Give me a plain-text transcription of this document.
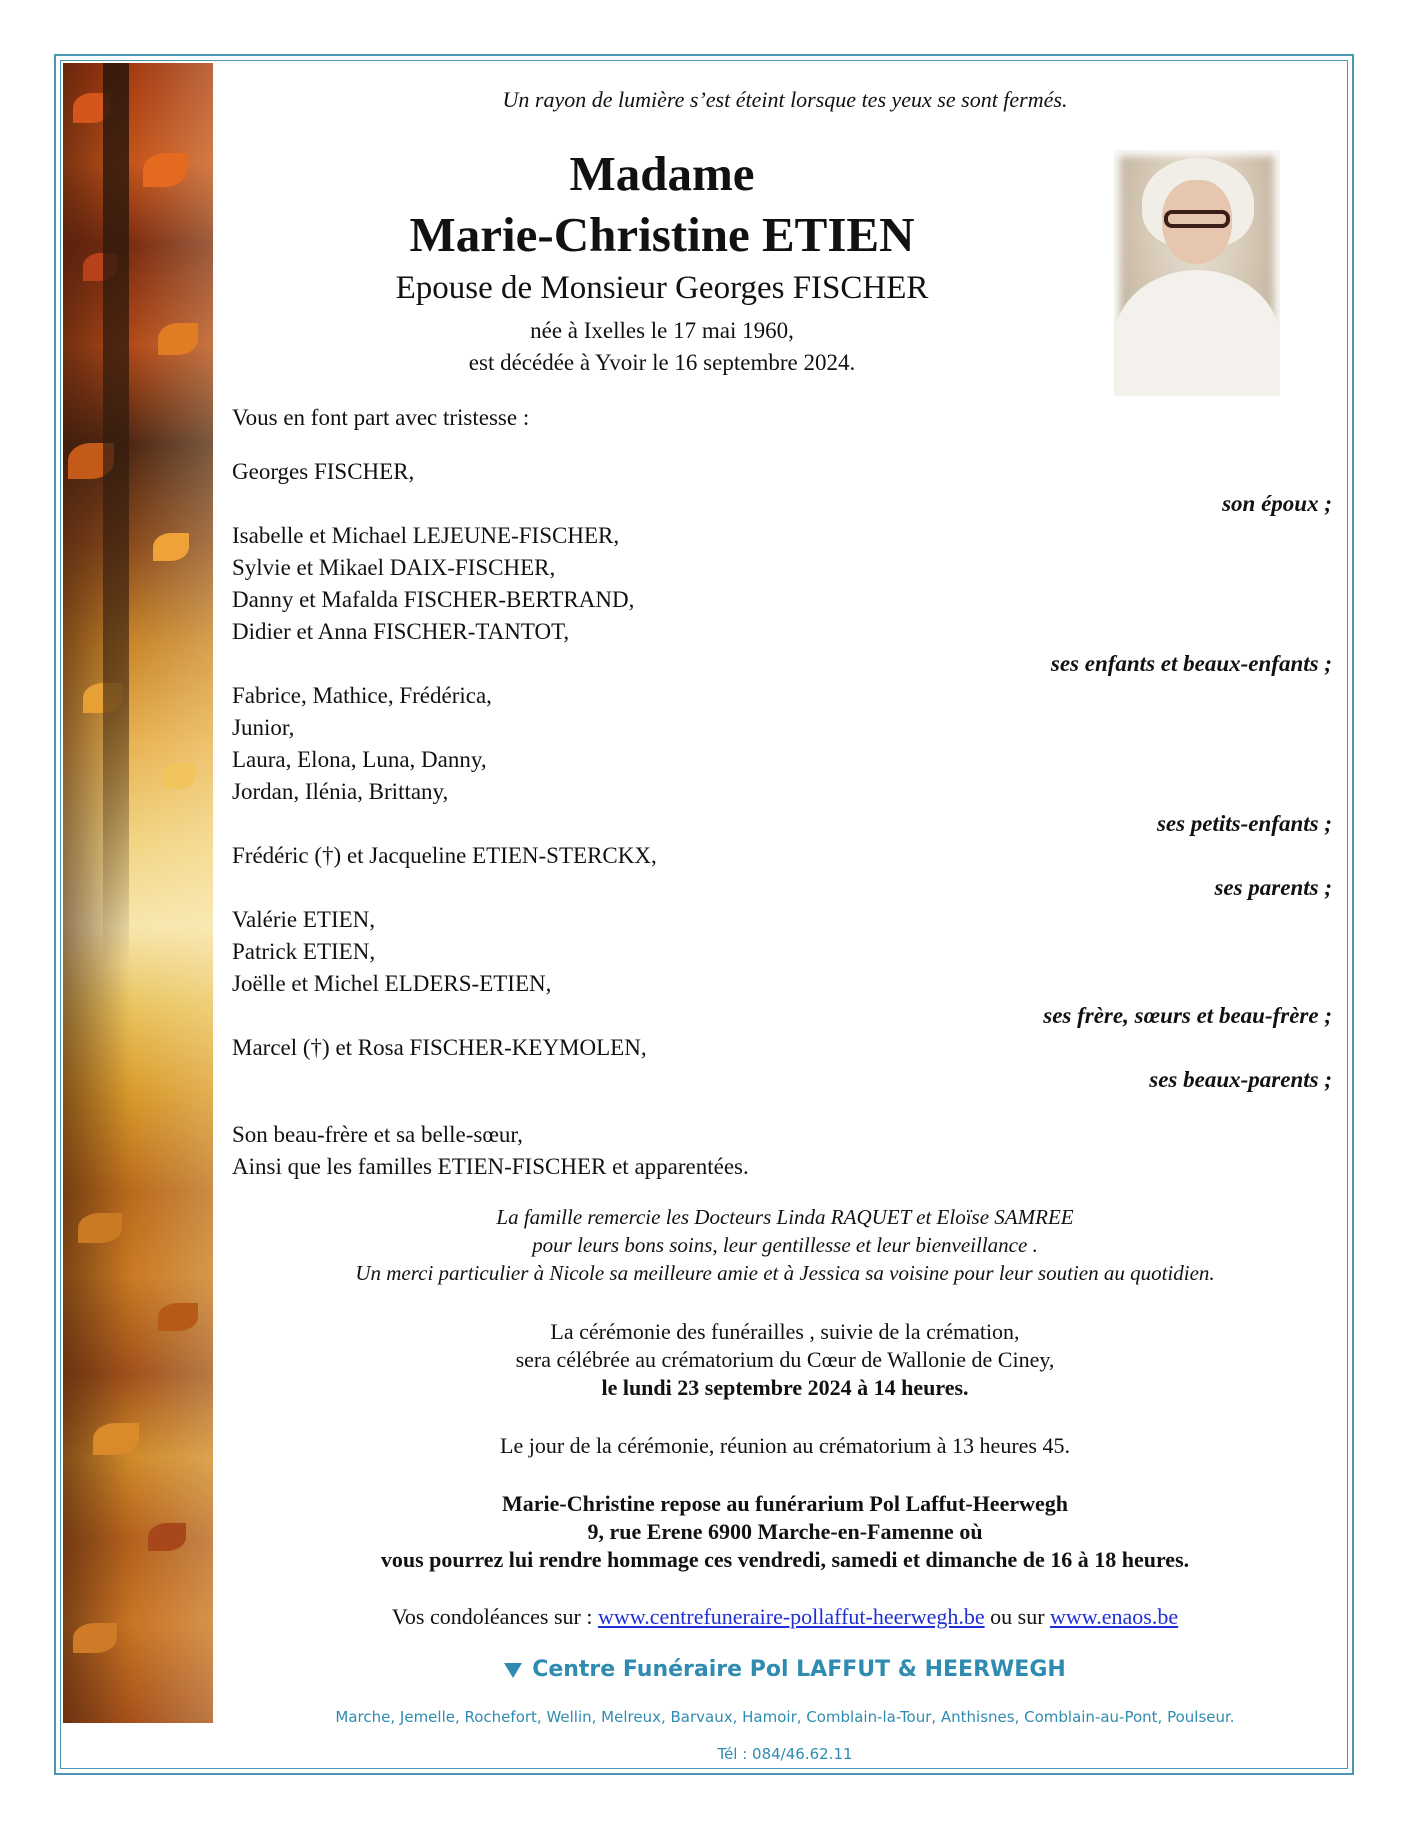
Un rayon de lumière s’est éteint lorsque tes yeux se sont fermés.
Madame
Marie-Christine ETIEN
Epouse de Monsieur Georges FISCHER
née à Ixelles le 17 mai 1960,
est décédée à Yvoir le 16 septembre 2024.
Vous en font part avec tristesse :
Georges FISCHER,
son époux ;
Isabelle et Michael LEJEUNE-FISCHER,
Sylvie et Mikael DAIX-FISCHER,
Danny et Mafalda FISCHER-BERTRAND,
Didier et Anna FISCHER-TANTOT,
ses enfants et beaux-enfants ;
Fabrice, Mathice, Frédérica,
Junior,
Laura, Elona, Luna, Danny,
Jordan, Ilénia, Brittany,
ses petits-enfants ;
Frédéric (†) et Jacqueline ETIEN-STERCKX,
ses parents ;
Valérie ETIEN,
Patrick ETIEN,
Joëlle et Michel ELDERS-ETIEN,
ses frère, sœurs et beau-frère ;
Marcel (†) et Rosa FISCHER-KEYMOLEN,
ses beaux-parents ;
Son beau-frère et sa belle-sœur,
Ainsi que les familles ETIEN-FISCHER et apparentées.
La famille remercie les Docteurs Linda RAQUET et Eloïse SAMREE
pour leurs bons soins, leur gentillesse et leur bienveillance .
Un merci particulier à Nicole sa meilleure amie et à Jessica sa voisine pour leur soutien au quotidien.
La cérémonie des funérailles , suivie de la crémation,
sera célébrée au crématorium du Cœur de Wallonie de Ciney,
le lundi 23 septembre 2024 à 14 heures.
Le jour de la cérémonie, réunion au crématorium à 13 heures 45.
Marie-Christine repose au funérarium Pol Laffut-Heerwegh
9, rue Erene 6900 Marche-en-Famenne où
vous pourrez lui rendre hommage ces vendredi, samedi et dimanche de 16 à 18 heures.
Vos condoléances sur : www.centrefuneraire-pollaffut-heerwegh.be ou sur www.enaos.be
Centre Funéraire Pol LAFFUT & HEERWEGH
Marche, Jemelle, Rochefort, Wellin, Melreux, Barvaux, Hamoir, Comblain-la-Tour, Anthisnes, Comblain-au-Pont, Poulseur.
Tél : 084/46.62.11
